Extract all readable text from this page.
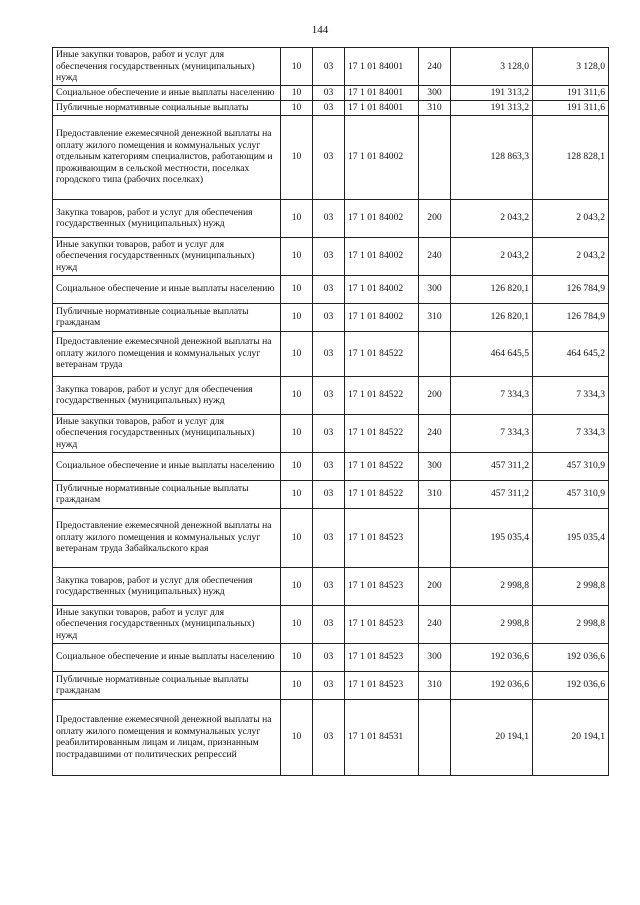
144
Иные закупки товаров, работ и услуг для обеспечения государственных (муниципальных) нужд	10	03	17 1 01 84001	240	3 128,0	3 128,0
Социальное обеспечение и иные выплаты населению	10	03	17 1 01 84001	300	191 313,2	191 311,6
Публичные нормативные социальные выплаты	10	03	17 1 01 84001	310	191 313,2	191 311,6
Предоставление ежемесячной денежной выплаты на оплату жилого помещения и коммунальных услуг отдельным категориям специалистов, работающим и проживающим в сельской местности, поселках городского типа (рабочих поселках)	10	03	17 1 01 84002		128 863,3	128 828,1
Закупка товаров, работ и услуг для обеспечения государственных (муниципальных) нужд	10	03	17 1 01 84002	200	2 043,2	2 043,2
Иные закупки товаров, работ и услуг для обеспечения государственных (муниципальных) нужд	10	03	17 1 01 84002	240	2 043,2	2 043,2
Социальное обеспечение и иные выплаты населению	10	03	17 1 01 84002	300	126 820,1	126 784,9
Публичные нормативные социальные выплаты гражданам	10	03	17 1 01 84002	310	126 820,1	126 784,9
Предоставление ежемесячной денежной выплаты на оплату жилого помещения и коммунальных услуг ветеранам труда	10	03	17 1 01 84522		464 645,5	464 645,2
Закупка товаров, работ и услуг для обеспечения государственных (муниципальных) нужд	10	03	17 1 01 84522	200	7 334,3	7 334,3
Иные закупки товаров, работ и услуг для обеспечения государственных (муниципальных) нужд	10	03	17 1 01 84522	240	7 334,3	7 334,3
Социальное обеспечение и иные выплаты населению	10	03	17 1 01 84522	300	457 311,2	457 310,9
Публичные нормативные социальные выплаты гражданам	10	03	17 1 01 84522	310	457 311,2	457 310,9
Предоставление ежемесячной денежной выплаты на оплату жилого помещения и коммунальных услуг ветеранам труда Забайкальского края	10	03	17 1 01 84523		195 035,4	195 035,4
Закупка товаров, работ и услуг для обеспечения государственных (муниципальных) нужд	10	03	17 1 01 84523	200	2 998,8	2 998,8
Иные закупки товаров, работ и услуг для обеспечения государственных (муниципальных) нужд	10	03	17 1 01 84523	240	2 998,8	2 998,8
Социальное обеспечение и иные выплаты населению	10	03	17 1 01 84523	300	192 036,6	192 036,6
Публичные нормативные социальные выплаты гражданам	10	03	17 1 01 84523	310	192 036,6	192 036,6
Предоставление ежемесячной денежной выплаты на оплату жилого помещения и коммунальных услуг реабилитированным лицам и лицам, признанным пострадавшими от политических репрессий	10	03	17 1 01 84531		20 194,1	20 194,1
